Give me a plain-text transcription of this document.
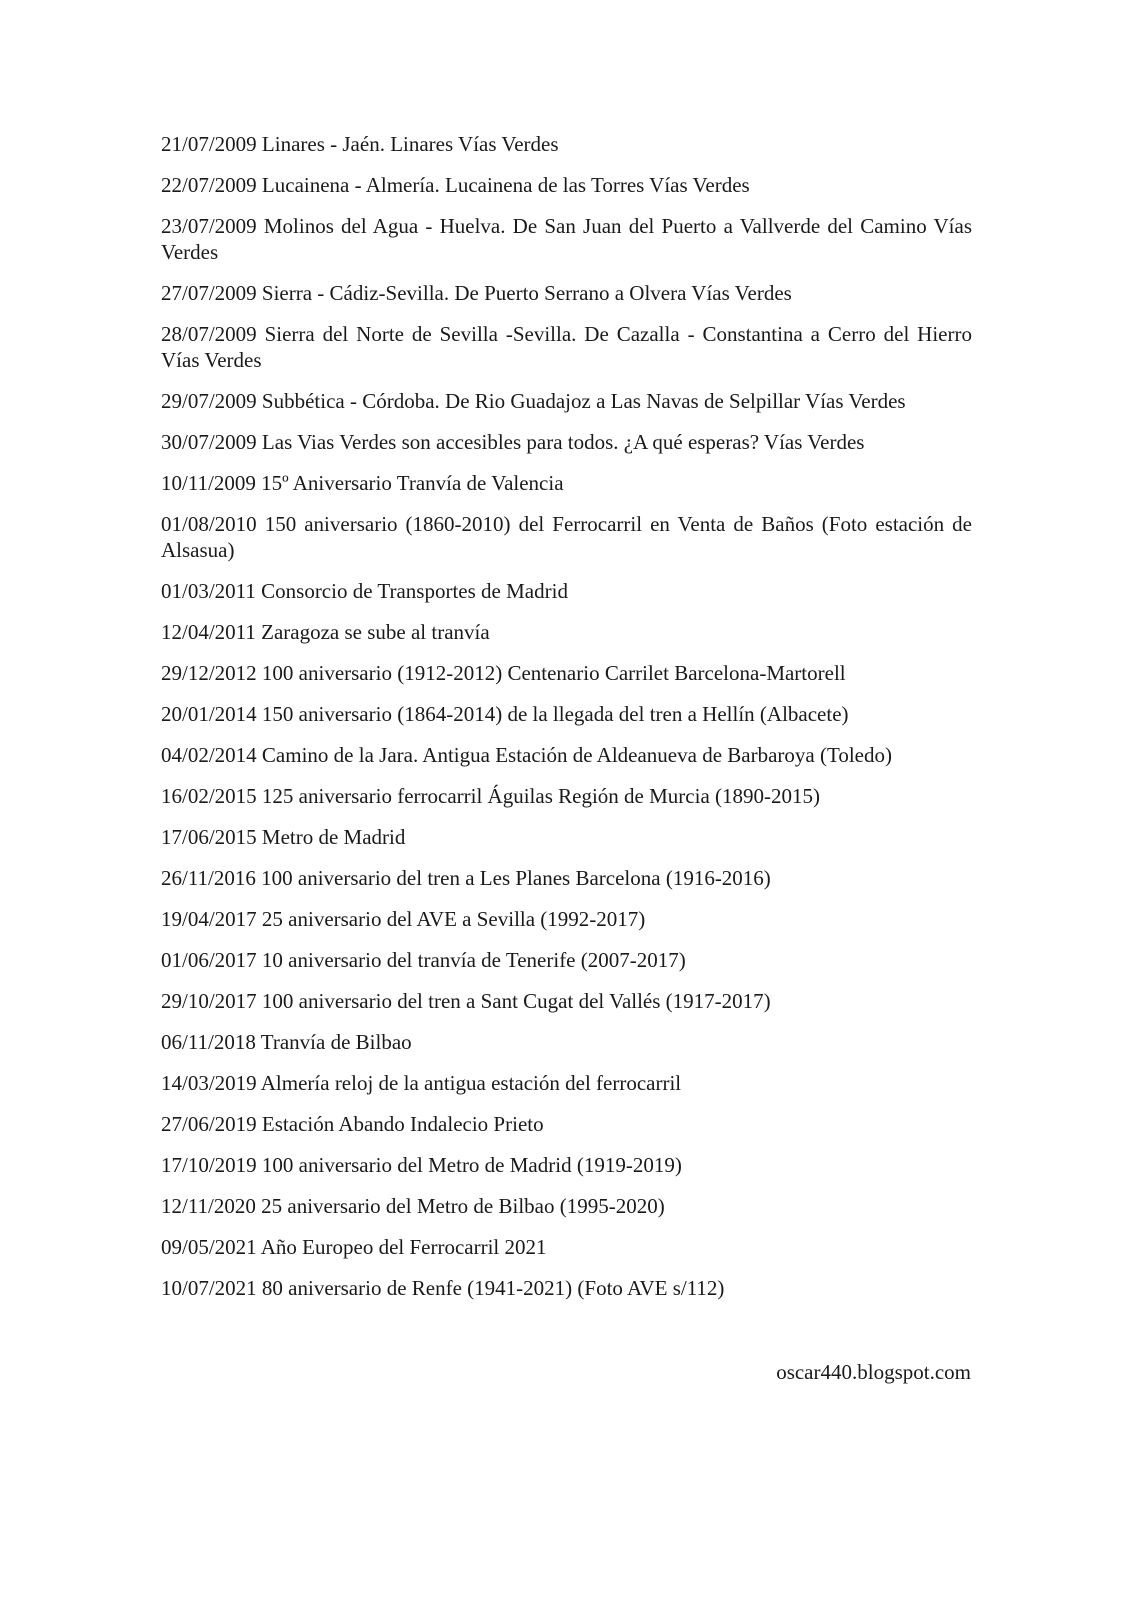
21/07/2009 Linares - Jaén. Linares Vías Verdes
22/07/2009 Lucainena - Almería. Lucainena de las Torres Vías Verdes
23/07/2009 Molinos del Agua - Huelva. De San Juan del Puerto a Vallverde del Camino Vías Verdes
27/07/2009 Sierra - Cádiz-Sevilla. De Puerto Serrano a Olvera Vías Verdes
28/07/2009 Sierra del Norte de Sevilla -Sevilla. De Cazalla - Constantina a Cerro del Hierro Vías Verdes
29/07/2009 Subbética - Córdoba. De Rio Guadajoz a Las Navas de Selpillar Vías Verdes
30/07/2009 Las Vias Verdes son accesibles para todos. ¿A qué esperas? Vías Verdes
10/11/2009 15º Aniversario Tranvía de Valencia
01/08/2010 150 aniversario (1860-2010) del Ferrocarril en Venta de Baños (Foto estación de Alsasua)
01/03/2011 Consorcio de Transportes de Madrid
12/04/2011 Zaragoza se sube al tranvía
29/12/2012 100 aniversario (1912-2012) Centenario Carrilet Barcelona-Martorell
20/01/2014 150 aniversario (1864-2014) de la llegada del tren a Hellín (Albacete)
04/02/2014 Camino de la Jara. Antigua Estación de Aldeanueva de Barbaroya (Toledo)
16/02/2015 125 aniversario ferrocarril Águilas Región de Murcia (1890-2015)
17/06/2015 Metro de Madrid
26/11/2016 100 aniversario del tren a Les Planes Barcelona (1916-2016)
19/04/2017 25 aniversario del AVE a Sevilla (1992-2017)
01/06/2017 10 aniversario del tranvía de Tenerife (2007-2017)
29/10/2017 100 aniversario del tren a Sant Cugat del Vallés (1917-2017)
06/11/2018 Tranvía de Bilbao
14/03/2019 Almería reloj de la antigua estación del ferrocarril
27/06/2019 Estación Abando Indalecio Prieto
17/10/2019 100 aniversario del Metro de Madrid (1919-2019)
12/11/2020 25 aniversario del Metro de Bilbao (1995-2020)
09/05/2021 Año Europeo del Ferrocarril 2021
10/07/2021 80 aniversario de Renfe (1941-2021) (Foto AVE s/112)
oscar440.blogspot.com
